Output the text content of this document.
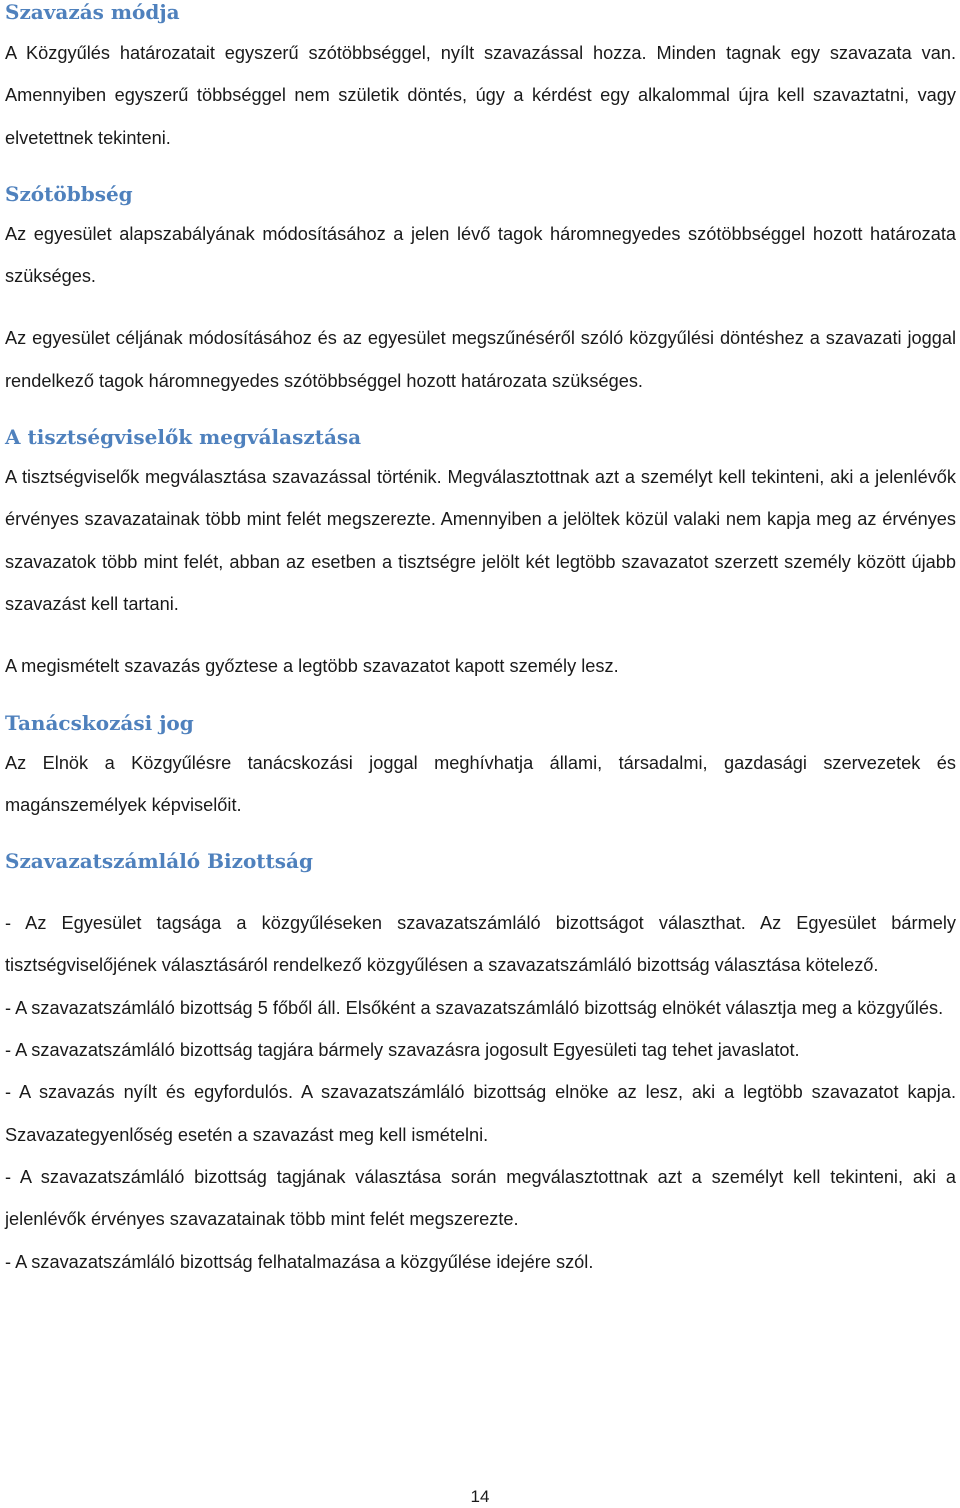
Szavazás módja

A Közgyűlés határozatait egyszerű szótöbbséggel, nyílt szavazással hozza. Minden tagnak egy szavazata van. Amennyiben egyszerű többséggel nem születik döntés, úgy a kérdést egy alkalommal újra kell szavaztatni, vagy elvetettnek tekinteni.

Szótöbbség

Az egyesület alapszabályának módosításához a jelen lévő tagok háromnegyedes szótöbbséggel hozott határozata szükséges.

Az egyesület céljának módosításához és az egyesület megszűnéséről szóló közgyűlési döntéshez a szavazati joggal rendelkező tagok háromnegyedes szótöbbséggel hozott határozata szükséges.

A tisztségviselők megválasztása

A tisztségviselők megválasztása szavazással történik. Megválasztottnak azt a személyt kell tekinteni, aki a jelenlévők érvényes szavazatainak több mint felét megszerezte. Amennyiben a jelöltek közül valaki nem kapja meg az érvényes szavazatok több mint felét, abban az esetben a tisztségre jelölt két legtöbb szavazatot szerzett személy között újabb szavazást kell tartani.

A megismételt szavazás győztese a legtöbb szavazatot kapott személy lesz.

Tanácskozási jog

Az Elnök a Közgyűlésre tanácskozási joggal meghívhatja állami, társadalmi, gazdasági szervezetek és magánszemélyek képviselőit.

Szavazatszámláló Bizottság

- Az Egyesület tagsága a közgyűléseken szavazatszámláló bizottságot választhat. Az Egyesület bármely tisztségviselőjének választásáról rendelkező közgyűlésen a szavazatszámláló bizottság választása kötelező.

- A szavazatszámláló bizottság 5 főből áll. Elsőként a szavazatszámláló bizottság elnökét választja meg a közgyűlés.

- A szavazatszámláló bizottság tagjára bármely szavazásra jogosult Egyesületi tag tehet javaslatot.

- A szavazás nyílt és egyfordulós. A szavazatszámláló bizottság elnöke az lesz, aki a legtöbb szavazatot kapja. Szavazategyenlőség esetén a szavazást meg kell ismételni.

- A szavazatszámláló bizottság tagjának választása során megválasztottnak azt a személyt kell tekinteni, aki a jelenlévők érvényes szavazatainak több mint felét megszerezte.

- A szavazatszámláló bizottság felhatalmazása a közgyűlése idejére szól.

14
